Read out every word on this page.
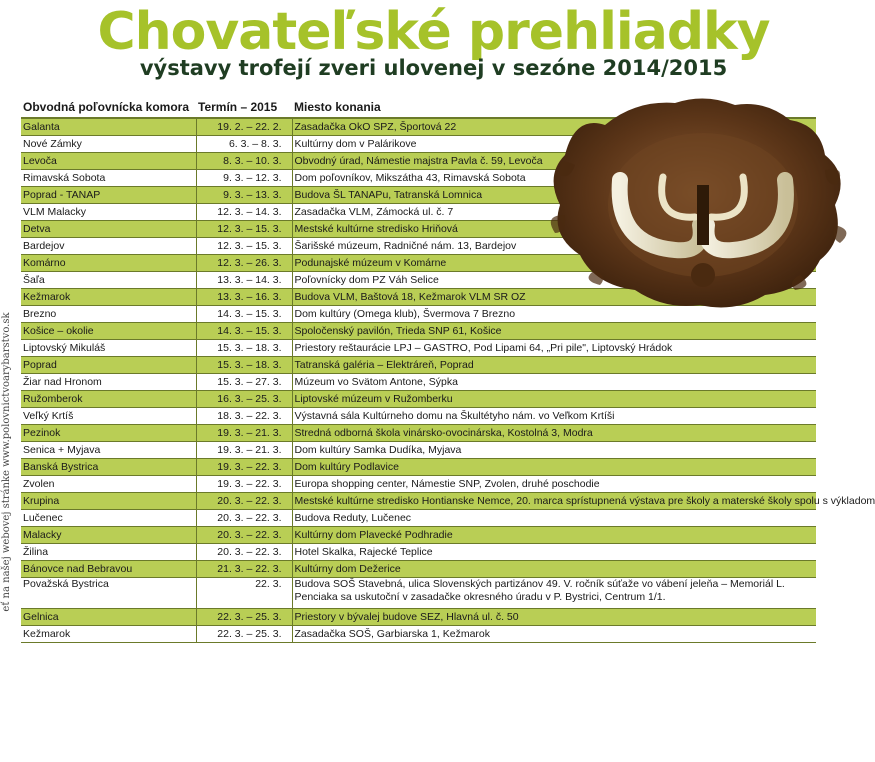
Chovateľské prehliadky
výstavy trofejí zveri ulovenej v sezóne 2014/2015
eť na našej webovej stránke www.polovnictvoarybarstvo.sk
Obvodná poľovnícka komora	Termín – 2015	Miesto konania
Galanta	19. 2. – 22. 2.	Zasadačka OkO SPZ, Športová 22
Nové Zámky	6. 3. – 8. 3.	Kultúrny dom v Palárikove
Levoča	8. 3. – 10. 3.	Obvodný úrad, Námestie majstra Pavla č. 59, Levoča
Rimavská Sobota	9. 3. – 12. 3.	Dom poľovníkov, Mikszátha 43, Rimavská Sobota
Poprad - TANAP	9. 3. – 13. 3.	Budova ŠL TANAPu, Tatranská Lomnica
VLM Malacky	12. 3. – 14. 3.	Zasadačka VLM, Zámocká ul. č. 7
Detva	12. 3. – 15. 3.	Mestské kultúrne stredisko Hriňová
Bardejov	12. 3. – 15. 3.	Šarišské múzeum, Radničné nám. 13, Bardejov
Komárno	12. 3. – 26. 3.	Podunajské múzeum v Komárne
Šaľa	13. 3. – 14. 3.	Poľovnícky dom PZ Váh Selice
Kežmarok	13. 3. – 16. 3.	Budova VLM, Baštová 18, Kežmarok VLM SR OZ
Brezno	14. 3. – 15. 3.	Dom kultúry (Omega klub), Švermova 7 Brezno
Košice – okolie	14. 3. – 15. 3.	Spoločenský pavilón, Trieda SNP 61, Košice
Liptovský Mikuláš	15. 3. – 18. 3.	Priestory reštaurácie LPJ – GASTRO, Pod Lipami 64, „Pri pile", Liptovský Hrádok
Poprad	15. 3. – 18. 3.	Tatranská galéria – Elektráreň, Poprad
Žiar nad Hronom	15. 3. – 27. 3.	Múzeum vo Svätom Antone, Sýpka
Ružomberok	16. 3. – 25. 3.	Liptovské múzeum v Ružomberku
Veľký Krtíš	18. 3. – 22. 3.	Výstavná sála Kultúrneho domu na Škultétyho nám. vo Veľkom Krtíši
Pezinok	19. 3. – 21. 3.	Stredná odborná škola vinársko-ovocinárska, Kostolná 3, Modra
Senica + Myjava	19. 3. – 21. 3.	Dom kultúry Samka Dudíka, Myjava
Banská Bystrica	19. 3. – 22. 3.	Dom kultúry Podlavice
Zvolen	19. 3. – 22. 3.	Europa shopping center, Námestie SNP, Zvolen, druhé poschodie
Krupina	20. 3. – 22. 3.	Mestské kultúrne stredisko Hontianske Nemce, 20. marca sprístupnená výstava pre školy a materské školy spolu s výkladom
Lučenec	20. 3. – 22. 3.	Budova Reduty, Lučenec
Malacky	20. 3. – 22. 3.	Kultúrny dom Plavecké Podhradie
Žilina	20. 3. – 22. 3.	Hotel Skalka, Rajecké Teplice
Bánovce nad Bebravou	21. 3. – 22. 3.	Kultúrny dom Dežerice
Považská Bystrica	22. 3.	Budova SOŠ Stavebná, ulica Slovenských partizánov 49. V. ročník súťaže vo vábení jeleňa – Memoriál L. Penciaka sa uskutoční v zasadačke okresného úradu v P. Bystrici, Centrum 1/1.
Gelnica	22. 3. – 25. 3.	Priestory v bývalej budove SEZ, Hlavná ul. č. 50
Kežmarok	22. 3. – 25. 3.	Zasadačka SOŠ, Garbiarska 1, Kežmarok
